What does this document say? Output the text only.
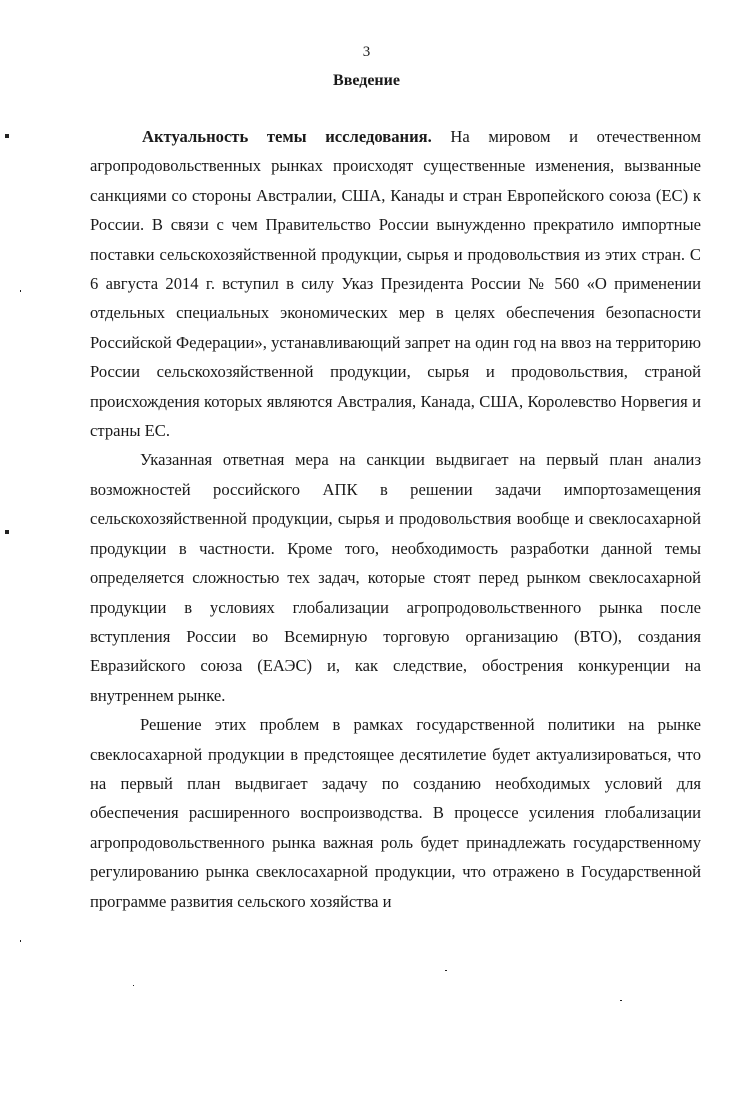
3
Введение

Актуальность темы исследования. На мировом и отечественном агропродовольственных рынках происходят существенные изменения, вызванные санкциями со стороны Австралии, США, Канады и стран Европейского союза (ЕС) к России. В связи с чем Правительство России вынужденно прекратило импортные поставки сельскохозяйственной продукции, сырья и продовольствия из этих стран. С 6 августа 2014 г. вступил в силу Указ Президента России № 560 «О применении отдельных специальных экономических мер в целях обеспечения безопасности Российской Федерации», устанавливающий запрет на один год на ввоз на территорию России сельскохозяйственной продукции, сырья и продовольствия, страной происхождения которых являются Австралия, Канада, США, Королевство Норвегия и страны ЕС.

Указанная ответная мера на санкции выдвигает на первый план анализ возможностей российского АПК в решении задачи импортозамещения сельскохозяйственной продукции, сырья и продовольствия вообще и свеклосахарной продукции в частности. Кроме того, необходимость разработки данной темы определяется сложностью тех задач, которые стоят перед рынком свеклосахарной продукции в условиях глобализации агропродовольственного рынка после вступления России во Всемирную торговую организацию (ВТО), создания Евразийского союза (ЕАЭС) и, как следствие, обострения конкуренции на внутреннем рынке.

Решение этих проблем в рамках государственной политики на рынке свеклосахарной продукции в предстоящее десятилетие будет актуализироваться, что на первый план выдвигает задачу по созданию необходимых условий для обеспечения расширенного воспроизводства. В процессе усиления глобализации агропродовольственного рынка важная роль будет принадлежать государственному регулированию рынка свеклосахарной продукции, что отражено в Государственной программе развития сельского хозяйства и
